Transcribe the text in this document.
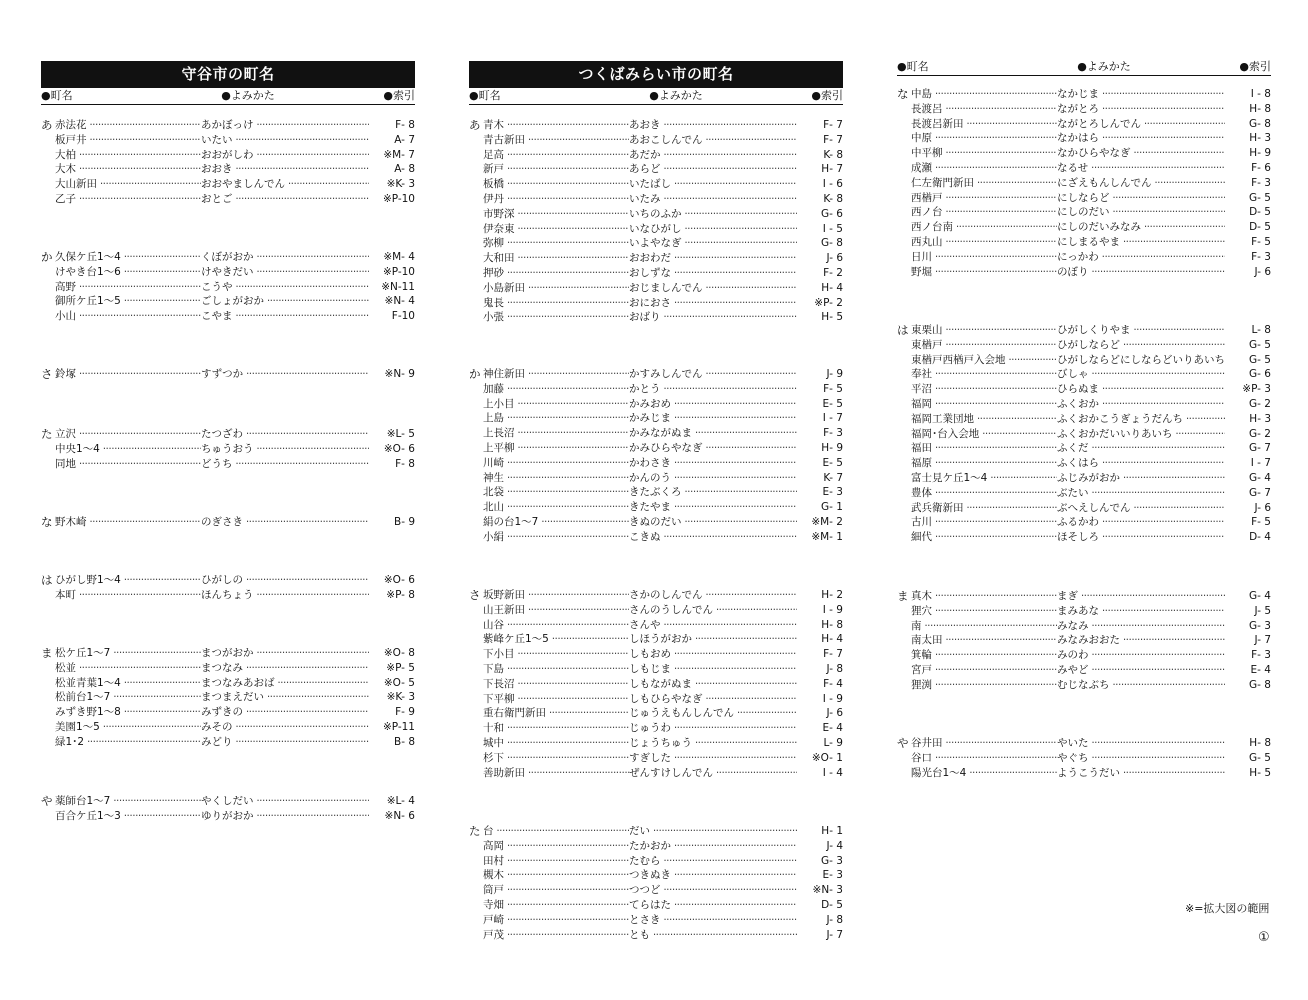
守谷市の町名
●町名	●よみかた	●索引
あ 赤法花 ·····	あかぼっけ ·····	F- 8
板戸井 ·····	いたい ·····	A- 7
大柏 ·····	おおがしわ ·····	※M- 7
大木 ·····	おおき ·····	A- 8
大山新田 ·····	おおやましんでん ·····	※K- 3
乙子 ·····	おとご ·····	※P-10
か 久保ケ丘1〜4 ·····	くぼがおか ·····	※M- 4
けやき台1〜6 ·····	けやきだい ·····	※P-10
高野 ·····	こうや ·····	※N-11
御所ケ丘1〜5 ·····	ごしょがおか ·····	※N- 4
小山 ·····	こやま ·····	F-10
さ 鈴塚 ·····	すずつか ·····	※N- 9
た 立沢 ·····	たつざわ ·····	※L- 5
中央1〜4 ·····	ちゅうおう ·····	※O- 6
同地 ·····	どうち ·····	F- 8
な 野木崎 ·····	のぎさき ·····	B- 9
は ひがし野1〜4 ·····	ひがしの ·····	※O- 6
本町 ·····	ほんちょう ·····	※P- 8
ま 松ケ丘1〜7 ·····	まつがおか ·····	※O- 8
松並 ·····	まつなみ ·····	※P- 5
松並青葉1〜4 ·····	まつなみあおば ·····	※O- 5
松前台1〜7 ·····	まつまえだい ·····	※K- 3
みずき野1〜8 ·····	みずきの ·····	F- 9
美園1〜5 ·····	みその ·····	※P-11
緑1･2 ·····	みどり ·····	B- 8
や 薬師台1〜7 ·····	やくしだい ·····	※L- 4
百合ケ丘1〜3 ·····	ゆりがおか ·····	※N- 6
つくばみらい市の町名
●町名	●よみかた	●索引
あ 青木 ·····	あおき ·····	F- 7
青古新田 ·····	あおこしんでん ·····	F- 7
足高 ·····	あだか ·····	K- 8
新戸 ·····	あらど ·····	H- 7
板橋 ·····	いたばし ·····	I - 6
伊丹 ·····	いたみ ·····	K- 8
市野深 ·····	いちのふか ·····	G- 6
伊奈東 ·····	いなひがし ·····	I - 5
弥柳 ·····	いよやなぎ ·····	G- 8
大和田 ·····	おおわだ ·····	J- 6
押砂 ·····	おしずな ·····	F- 2
小島新田 ·····	おじましんでん ·····	H- 4
鬼長 ·····	おにおさ ·····	※P- 2
小張 ·····	おばり ·····	H- 5
か 神住新田 ·····	かすみしんでん ·····	J- 9
加藤 ·····	かとう ·····	F- 5
上小目 ·····	かみおめ ·····	E- 5
上島 ·····	かみじま ·····	I - 7
上長沼 ·····	かみながぬま ·····	F- 3
上平柳 ·····	かみひらやなぎ ·····	H- 9
川崎 ·····	かわさき ·····	E- 5
神生 ·····	かんのう ·····	K- 7
北袋 ·····	きたぶくろ ·····	E- 3
北山 ·····	きたやま ·····	G- 1
絹の台1〜7 ·····	きぬのだい ·····	※M- 2
小絹 ·····	こきぬ ·····	※M- 1
さ 坂野新田 ·····	さかのしんでん ·····	H- 2
山王新田 ·····	さんのうしんでん ·····	I - 9
山谷 ·····	さんや ·····	H- 8
紫峰ケ丘1〜5 ·····	しほうがおか ·····	H- 4
下小目 ·····	しもおめ ·····	F- 7
下島 ·····	しもじま ·····	J- 8
下長沼 ·····	しもながぬま ·····	F- 4
下平柳 ·····	しもひらやなぎ ·····	I - 9
重右衛門新田 ·····	じゅうえもんしんでん ·····	J- 6
十和 ·····	じゅうわ ·····	E- 4
城中 ·····	じょうちゅう ·····	L- 9
杉下 ·····	すぎした ·····	※O- 1
善助新田 ·····	ぜんすけしんでん ·····	I - 4
た 台 ·····	だい ·····	H- 1
高岡 ·····	たかおか ·····	J- 4
田村 ·····	たむら ·····	G- 3
槻木 ·····	つきぬき ·····	E- 3
筒戸 ·····	つつど ·····	※N- 3
寺畑 ·····	てらはた ·····	D- 5
戸崎 ·····	とさき ·····	J- 8
戸茂 ·····	とも ·····	J- 7
●町名	●よみかた	●索引
な 中島 ·····	なかじま ·····	I - 8
長渡呂 ·····	ながとろ ·····	H- 8
長渡呂新田 ·····	ながとろしんでん ·····	G- 8
中原 ·····	なかはら ·····	H- 3
中平柳 ·····	なかひらやなぎ ·····	H- 9
成瀬 ·····	なるせ ·····	F- 6
仁左衛門新田 ·····	にざえもんしんでん ·····	F- 3
西楢戸 ·····	にしならど ·····	G- 5
西ノ台 ·····	にしのだい ·····	D- 5
西ノ台南 ·····	にしのだいみなみ ·····	D- 5
西丸山 ·····	にしまるやま ·····	F- 5
日川 ·····	にっかわ ·····	F- 3
野堀 ·····	のぼり ·····	J- 6
は 東栗山 ·····	ひがしくりやま ·····	L- 8
東楢戸 ·····	ひがしならど ·····	G- 5
東楢戸西楢戸入会地 ·····	ひがしならどにしならどいりあいち ·····	G- 5
奉社 ·····	びしゃ ·····	G- 6
平沼 ·····	ひらぬま ·····	※P- 3
福岡 ·····	ふくおか ·····	G- 2
福岡工業団地 ·····	ふくおかこうぎょうだんち ·····	H- 3
福岡･台入会地 ·····	ふくおかだいいりあいち ·····	G- 2
福田 ·····	ふくだ ·····	G- 7
福原 ·····	ふくはら ·····	I - 7
富士見ケ丘1〜4 ·····	ふじみがおか ·····	G- 4
豊体 ·····	ぶたい ·····	G- 7
武兵衛新田 ·····	ぶへえしんでん ·····	J- 6
古川 ·····	ふるかわ ·····	F- 5
細代 ·····	ほそしろ ·····	D- 4
ま 真木 ·····	まぎ ·····	G- 4
狸穴 ·····	まみあな ·····	J- 5
南 ·····	みなみ ·····	G- 3
南太田 ·····	みなみおおた ·····	J- 7
箕輪 ·····	みのわ ·····	F- 3
宮戸 ·····	みやど ·····	E- 4
狸渕 ·····	むじなぶち ·····	G- 8
や 谷井田 ·····	やいた ·····	H- 8
谷口 ·····	やぐち ·····	G- 5
陽光台1〜4 ·····	ようこうだい ·····	H- 5
※=拡大図の範囲
①
